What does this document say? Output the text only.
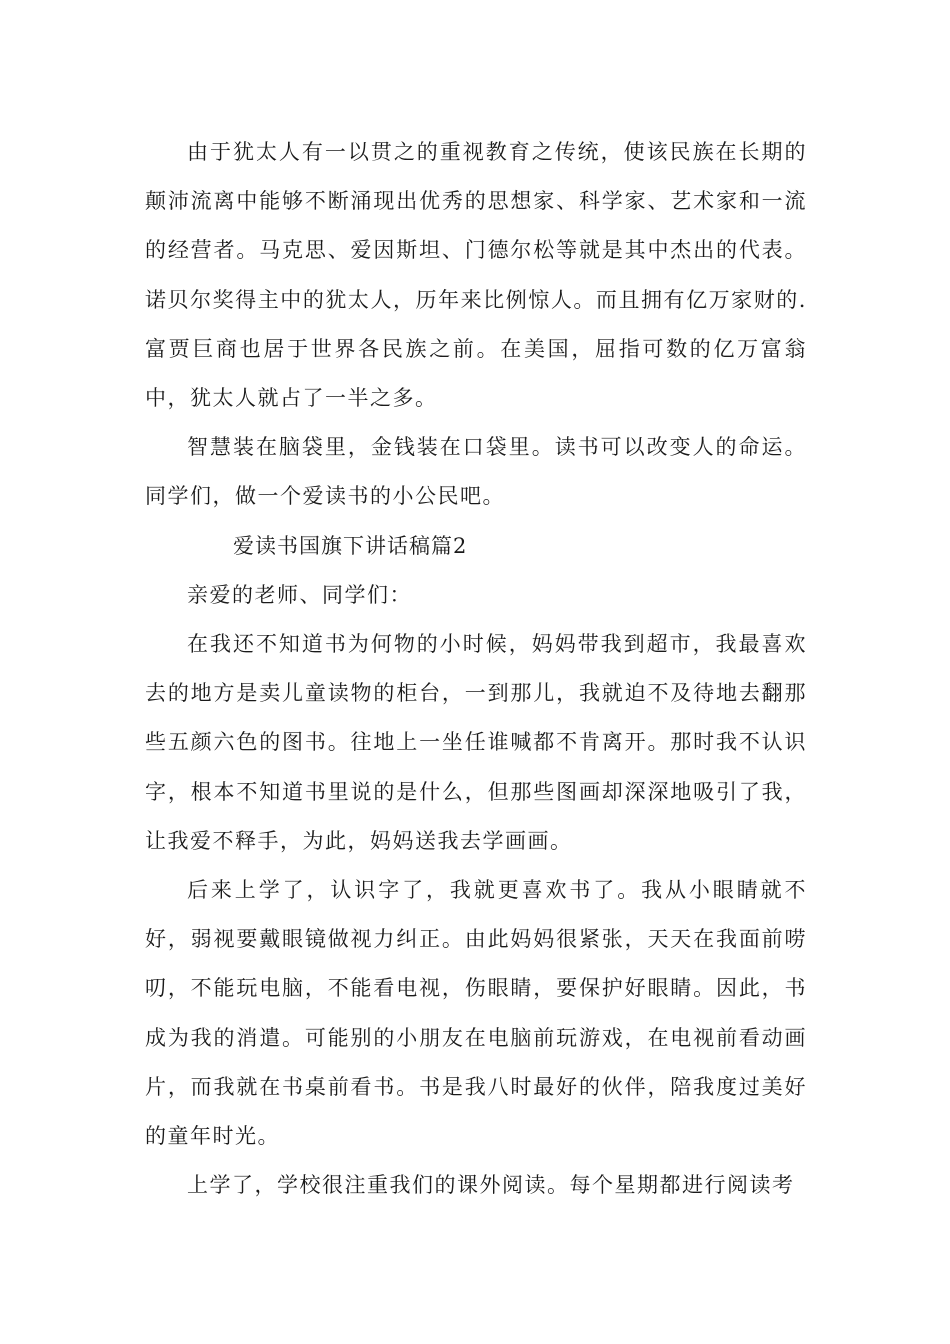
由于犹太人有一以贯之的重视教育之传统，使该民族在长期的颠沛流离中能够不断涌现出优秀的思想家、科学家、艺术家和一流的经营者。马克思、爱因斯坦、门德尔松等就是其中杰出的代表。诺贝尔奖得主中的犹太人，历年来比例惊人。而且拥有亿万家财的.富贾巨商也居于世界各民族之前。在美国，屈指可数的亿万富翁中，犹太人就占了一半之多。

智慧装在脑袋里，金钱装在口袋里。读书可以改变人的命运。同学们，做一个爱读书的小公民吧。

爱读书国旗下讲话稿篇2

亲爱的老师、同学们：

在我还不知道书为何物的小时候，妈妈带我到超市，我最喜欢去的地方是卖儿童读物的柜台，一到那儿，我就迫不及待地去翻那些五颜六色的图书。往地上一坐任谁喊都不肯离开。那时我不认识字，根本不知道书里说的是什么，但那些图画却深深地吸引了我，让我爱不释手，为此，妈妈送我去学画画。

后来上学了，认识字了，我就更喜欢书了。我从小眼睛就不好，弱视要戴眼镜做视力纠正。由此妈妈很紧张，天天在我面前唠叨，不能玩电脑，不能看电视，伤眼睛，要保护好眼睛。因此，书成为我的消遣。可能别的小朋友在电脑前玩游戏，在电视前看动画片，而我就在书桌前看书。书是我八时最好的伙伴，陪我度过美好的童年时光。

上学了，学校很注重我们的课外阅读。每个星期都进行阅读考
